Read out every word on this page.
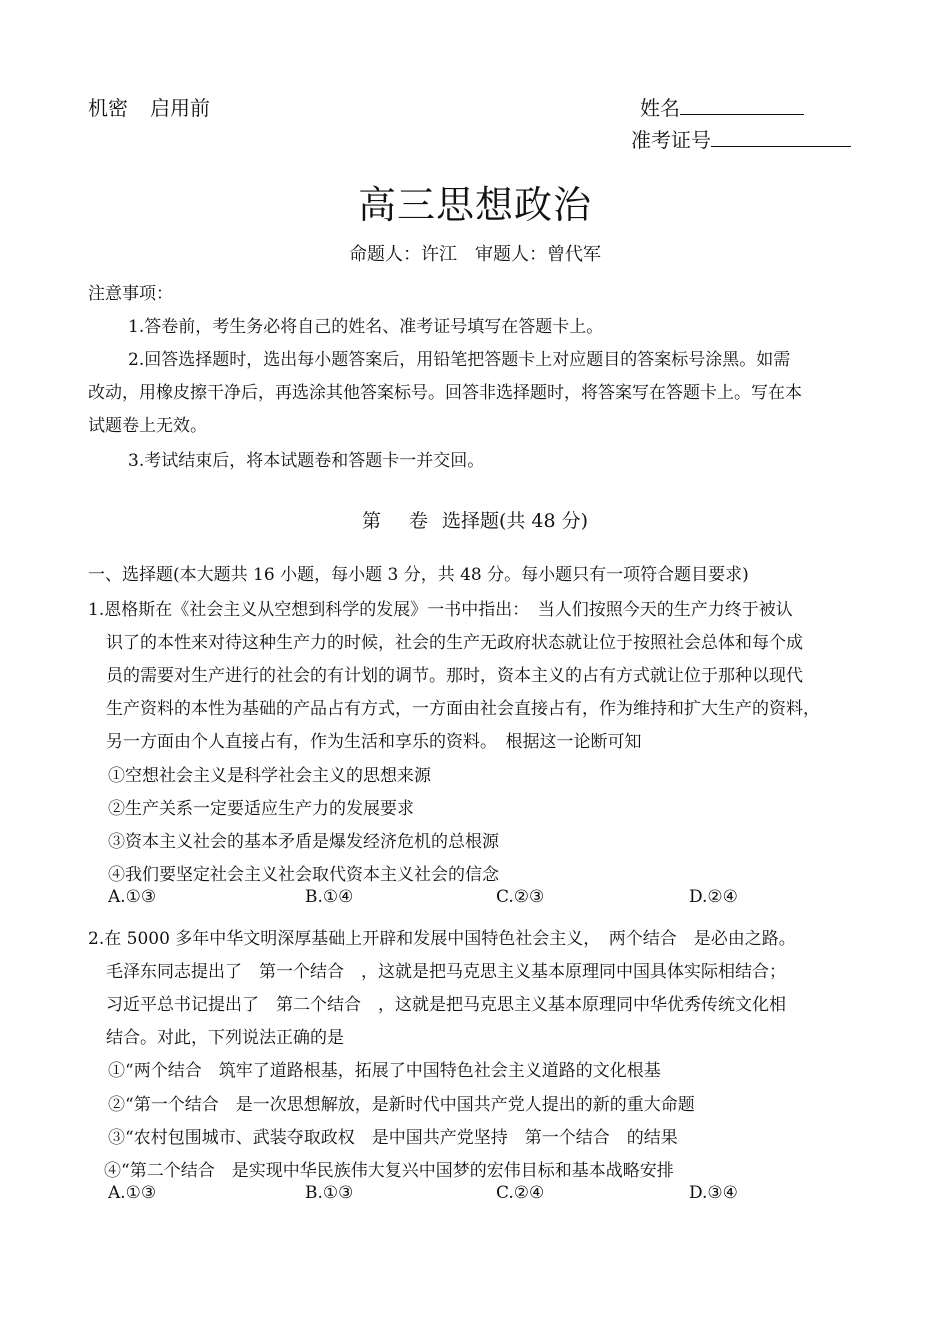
机密 启用前	姓名
准考证号
高三思想政治
命题人：许江　审题人：曾代军
注意事项：
1.答卷前，考生务必将自己的姓名、准考证号填写在答题卡上。
2.回答选择题时，选出每小题答案后，用铅笔把答题卡上对应题目的答案标号涂黑。如需
改动，用橡皮擦干净后，再选涂其他答案标号。回答非选择题时，将答案写在答题卡上。写在本
试题卷上无效。
3.考试结束后，将本试题卷和答题卡一并交回。
第 卷 选择题(共 48 分)
一、选择题(本大题共 16 小题，每小题 3 分，共 48 分。每小题只有一项符合题目要求)
1.恩格斯在《社会主义从空想到科学的发展》一书中指出：　当人们按照今天的生产力终于被认
识了的本性来对待这种生产力的时候，社会的生产无政府状态就让位于按照社会总体和每个成
员的需要对生产进行的社会的有计划的调节。那时，资本主义的占有方式就让位于那种以现代
生产资料的本性为基础的产品占有方式，一方面由社会直接占有，作为维持和扩大生产的资料，
另一方面由个人直接占有，作为生活和享乐的资料。　根据这一论断可知
①空想社会主义是科学社会主义的思想来源
②生产关系一定要适应生产力的发展要求
③资本主义社会的基本矛盾是爆发经济危机的总根源
④我们要坚定社会主义社会取代资本主义社会的信念
A.①③	B.①④	C.②③	D.②④
2.在 5000 多年中华文明深厚基础上开辟和发展中国特色社会主义，　两个结合　是必由之路。
毛泽东同志提出了　第一个结合　，这就是把马克思主义基本原理同中国具体实际相结合；
习近平总书记提出了　第二个结合　，这就是把马克思主义基本原理同中华优秀传统文化相
结合。对此，下列说法正确的是
①“两个结合　筑牢了道路根基，拓展了中国特色社会主义道路的文化根基
②“第一个结合　是一次思想解放，是新时代中国共产党人提出的新的重大命题
③“农村包围城市、武装夺取政权　是中国共产党坚持　第一个结合　的结果
④“第二个结合　是实现中华民族伟大复兴中国梦的宏伟目标和基本战略安排
A.①③	B.①③	C.②④	D.③④
